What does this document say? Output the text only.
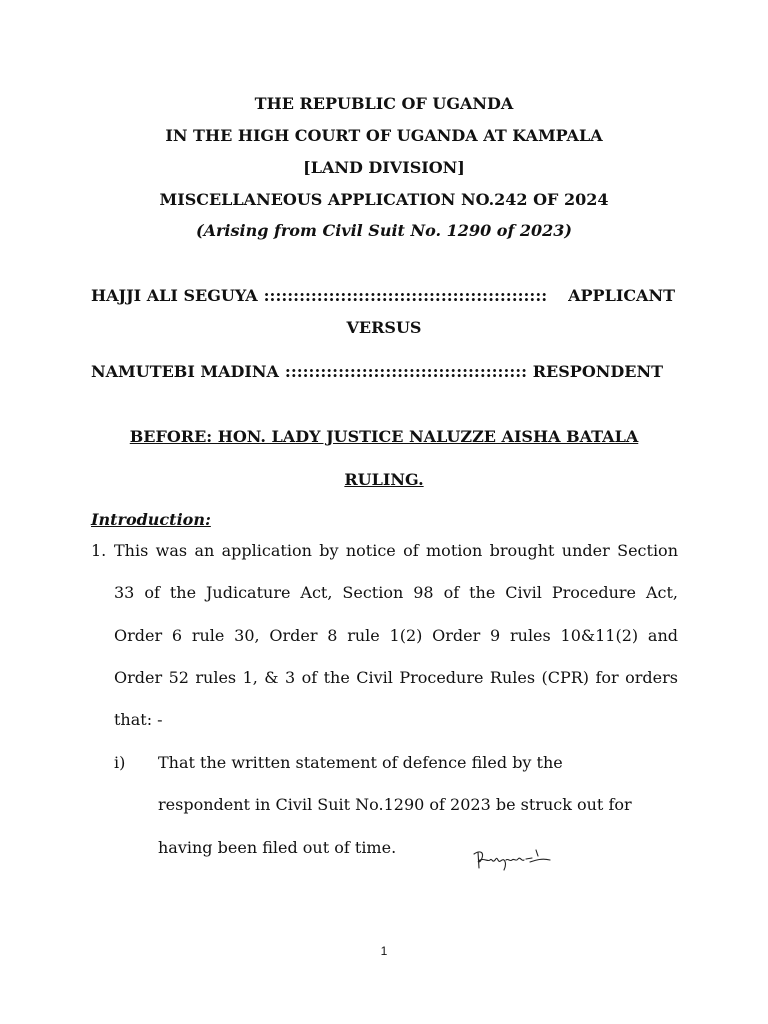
THE REPUBLIC OF UGANDA
IN THE HIGH COURT OF UGANDA AT KAMPALA
[LAND DIVISION]
MISCELLANEOUS APPLICATION NO.242 OF 2024
(Arising from Civil Suit No. 1290 of 2023)
HAJJI ALI SEGUYA ::::::::::::::::::::::::::::::::::::::::::::::::	APPLICANT
VERSUS
NAMUTEBI MADINA ::::::::::::::::::::::::::::::::::::::::: RESPONDENT
BEFORE: HON. LADY JUSTICE NALUZZE AISHA BATALA
RULING.
Introduction:
1. This was an application by notice of motion brought under Section
33 of the Judicature Act, Section 98 of the Civil Procedure Act,
Order 6 rule 30, Order 8 rule 1(2) Order 9 rules 10&11(2) and
Order 52 rules 1, & 3 of the Civil Procedure Rules (CPR) for orders
that: -
i) That the written statement of defence filed by the
respondent in Civil Suit No.1290 of 2023 be struck out for
having been filed out of time.
1
